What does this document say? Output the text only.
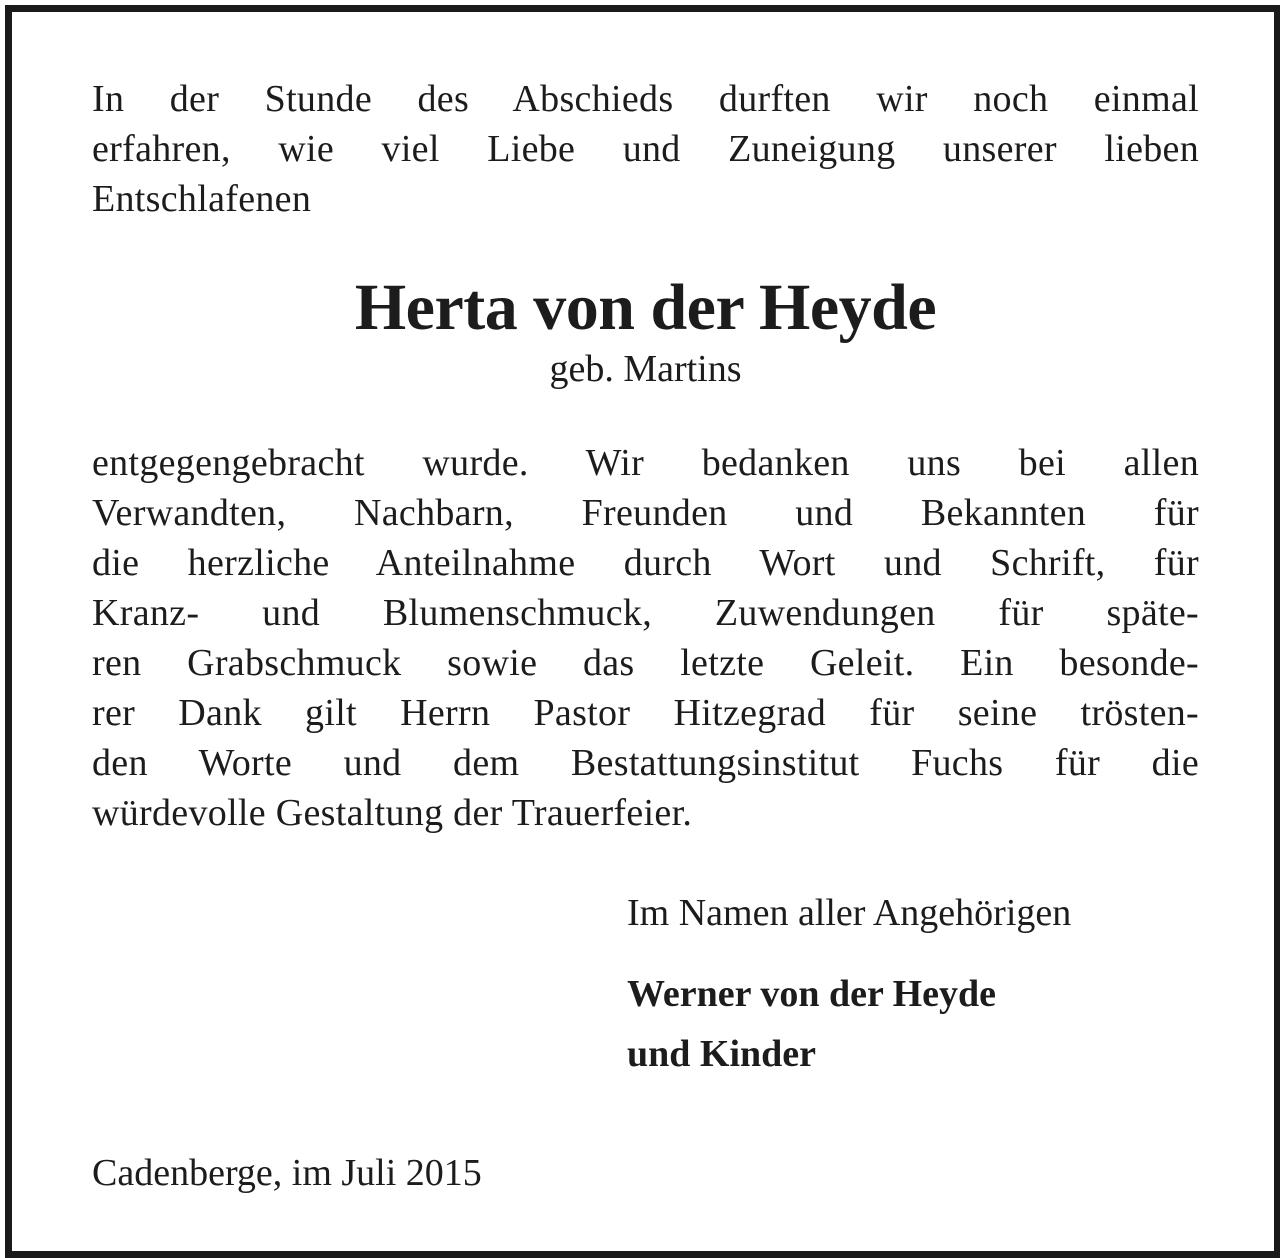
In der Stunde des Abschieds durften wir noch einmal
erfahren, wie viel Liebe und Zuneigung unserer lieben
Entschlafenen

Herta von der Heyde

geb. Martins

entgegengebracht wurde. Wir bedanken uns bei allen
Verwandten, Nachbarn, Freunden und Bekannten für
die herzliche Anteilnahme durch Wort und Schrift, für
Kranz- und Blumenschmuck, Zuwendungen für späte-
ren Grabschmuck sowie das letzte Geleit. Ein besonde-
rer Dank gilt Herrn Pastor Hitzegrad für seine trösten-
den Worte und dem Bestattungsinstitut Fuchs für die
würdevolle Gestaltung der Trauerfeier.

Im Namen aller Angehörigen
Werner von der Heyde
und Kinder
Cadenberge, im Juli 2015
